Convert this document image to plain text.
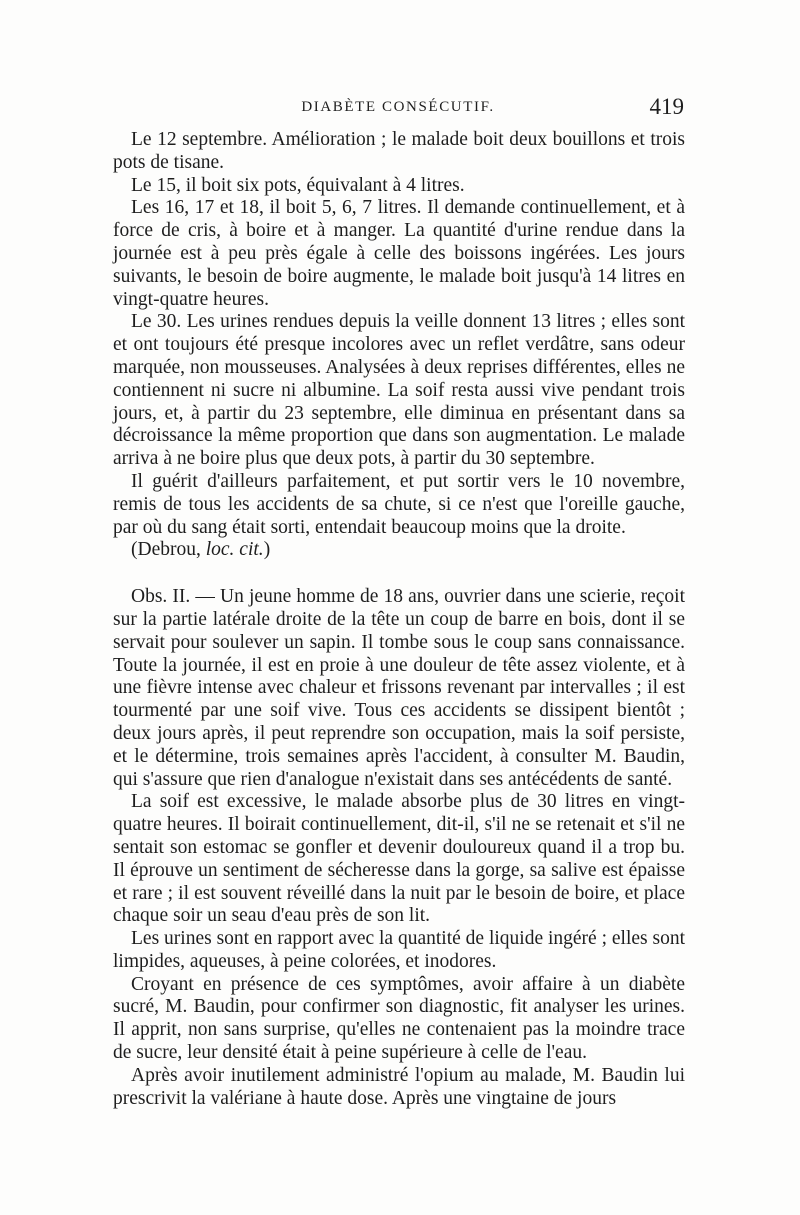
DIABÈTE CONSÉCUTIF.	419

Le 12 septembre. Amélioration ; le malade boit deux bouillons et trois pots de tisane.

Le 15, il boit six pots, équivalant à 4 litres.

Les 16, 17 et 18, il boit 5, 6, 7 litres. Il demande continuellement, et à force de cris, à boire et à manger. La quantité d'urine rendue dans la journée est à peu près égale à celle des boissons ingérées. Les jours suivants, le besoin de boire augmente, le malade boit jusqu'à 14 litres en vingt-quatre heures.

Le 30. Les urines rendues depuis la veille donnent 13 litres ; elles sont et ont toujours été presque incolores avec un reflet verdâtre, sans odeur marquée, non mousseuses. Analysées à deux reprises différentes, elles ne contiennent ni sucre ni albumine. La soif resta aussi vive pendant trois jours, et, à partir du 23 septembre, elle diminua en présentant dans sa décroissance la même proportion que dans son augmentation. Le malade arriva à ne boire plus que deux pots, à partir du 30 septembre.

Il guérit d'ailleurs parfaitement, et put sortir vers le 10 novembre, remis de tous les accidents de sa chute, si ce n'est que l'oreille gauche, par où du sang était sorti, entendait beaucoup moins que la droite.

(Debrou, loc. cit.)

Obs. II. — Un jeune homme de 18 ans, ouvrier dans une scierie, reçoit sur la partie latérale droite de la tête un coup de barre en bois, dont il se servait pour soulever un sapin. Il tombe sous le coup sans connaissance. Toute la journée, il est en proie à une douleur de tête assez violente, et à une fièvre intense avec chaleur et frissons revenant par intervalles ; il est tourmenté par une soif vive. Tous ces accidents se dissipent bientôt ; deux jours après, il peut reprendre son occupation, mais la soif persiste, et le détermine, trois semaines après l'accident, à consulter M. Baudin, qui s'assure que rien d'analogue n'existait dans ses antécédents de santé.

La soif est excessive, le malade absorbe plus de 30 litres en vingt-quatre heures. Il boirait continuellement, dit-il, s'il ne se retenait et s'il ne sentait son estomac se gonfler et devenir douloureux quand il a trop bu. Il éprouve un sentiment de sécheresse dans la gorge, sa salive est épaisse et rare ; il est souvent réveillé dans la nuit par le besoin de boire, et place chaque soir un seau d'eau près de son lit.

Les urines sont en rapport avec la quantité de liquide ingéré ; elles sont limpides, aqueuses, à peine colorées, et inodores.

Croyant en présence de ces symptômes, avoir affaire à un diabète sucré, M. Baudin, pour confirmer son diagnostic, fit analyser les urines. Il apprit, non sans surprise, qu'elles ne contenaient pas la moindre trace de sucre, leur densité était à peine supérieure à celle de l'eau.

Après avoir inutilement administré l'opium au malade, M. Baudin lui prescrivit la valériane à haute dose. Après une vingtaine de jours
